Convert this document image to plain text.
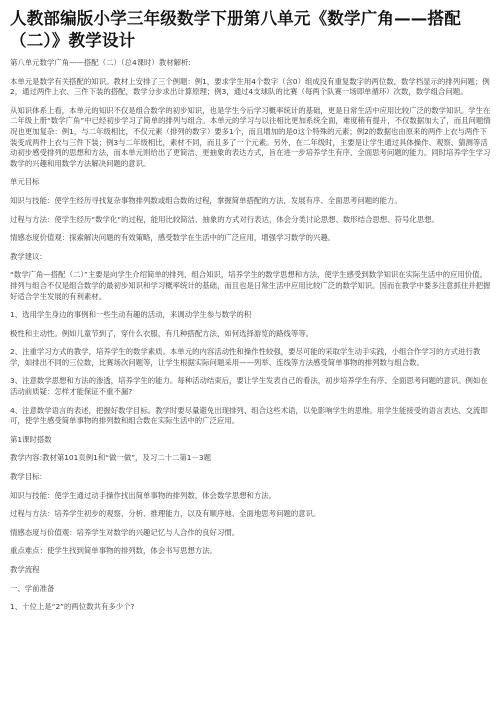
人教部编版小学三年级数学下册第八单元《数学广角——搭配（二）》教学设计

第八单元数学广角——搭配（二）（总4课时）教材解析:

本单元是数学有关搭配的知识。教材上安排了三个例题：例1，要求学生用4个数字（含0）组成没有重复数字的两位数，数学档显示的排列问题；例2，通过两件上衣、三件下装的搭配，数学分步求出计算原理；例3，通过4支球队的比赛（每两个队赛一场即单循环）次数，数学组合问题。

从知识体系上看，本单元的知识不仅是组合数学的初步知识，也是学生今后学习概率统计的基础，更是日常生活中应用比较广泛的数学知识。学生在二年级上册“数学广角”中已经初步学习了简单的排列与组合。本单元的学习与以往相比更加系统全面，难度稍有提升，不仅数据加大了，而且问题情况也更加复杂：例1，与二年级相比，不仅元素（排列的数字）要多1个，而且增加的是0这个特殊的元素；例2的数据也由原来的两件上衣与两件下装变成两件上衣与三件下装；例3与二年级相比，素材不同，而且多了一个元素。另外，在二年级时，主要是让学生通过具体操作、观察、猜测等活动初步感受排列的思想和方法，而本单元则给出了更简洁、更抽象的表达方式，旨在进一步培养学生有序、全面思考问题的能力。同时培养学生学习数学的兴趣和用数学方法解决问题的意识。

单元目标

知识与技能：使学生经历寻找复杂事物排列数或组合数的过程，掌握简单搭配的方法，发展有序、全面思考问题的能力。

过程与方法：使学生经历“数学化”的过程，能用比较简洁、抽象的方式对行表达，体会分类讨论思想、数形结合思想、符号化思想。

情感态度价值观：探索解决问题的有效策略，感受数学在生活中的广泛应用，增强学习数学的兴趣。

教学建议:

“数学广角—搭配（二）”主要是向学生介绍简单的排列、组合知识，培养学生的数学思想和方法，使学生感受到数学知识在实际生活中的应用价值。排列与组合不仅是组合数学的最初步知识和学习概率统计的基础，而且也是日常生活中应用比较广泛的数学知识。因而在教学中要多注意抓住并把握好适合学生发展的有利素材。

1、选用学生身边的事例和一些生动有趣的活动，来调动学生参与数学的积

极性和主动性。例如儿童节到了，穿什么衣服，有几种搭配方法，如何选择游览的路线等等。

2、注重学习方式的教学，培养学生的数学素质。本单元的内容活动性和操作性较强，要尽可能的采取学生动手实践，小组合作学习的方式进行教学，如排出不同的三位数，比赛场次问题等，让学生根据实际问题采用——列举、连线等方法感受简单事物的排列数与组合数。

3、注意数学思想和方法的渗透，培养学生的能力。每种活动结束后，要让学生发表自己的看法，初步培养学生有序、全面思考问题的意识。例如在活动前质疑：怎样才能保证不重不漏?

4、注意数学语言的表述，把握好数学目标。教学时要尽量避免出现排列、组合这些术语，以免影响学生的思维。用学生能接受的语言表达、交流即可，使学生感受简单事物的排列数和组合数在实际生活中的广泛应用。

第1课时搭数

教学内容:教材第101页例1和“做一做”，及习二十二第1－3题

教学目标:

知识与技能：使学生通过动手操作找出简单事物的排列数，体会数学思想和方法。

过程与方法：培养学生初步的观察、分析、推理能力，以及有顺序地、全面地思考问题的意识。

情感态度与价值观：培养学生对数学的兴趣记忆与人合作的良好习惯。

重点难点：使学生找到简单事物的排列数，体会书写思想方法。

教学流程

一、学前准备

1、十位上是“2”的两位数共有多少个?
